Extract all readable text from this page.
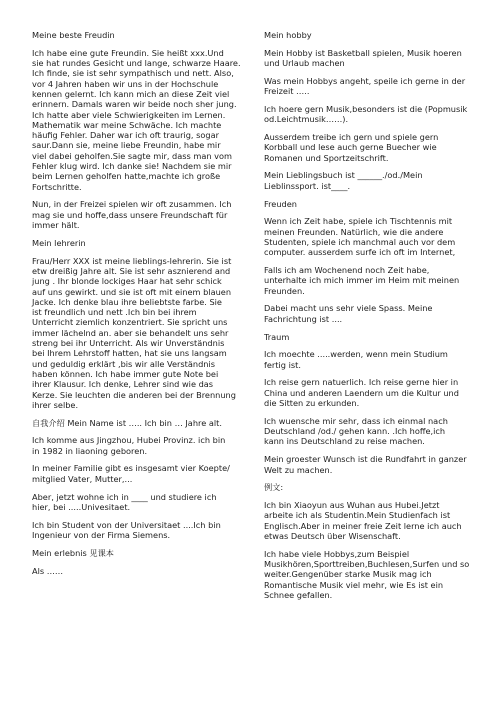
Meine beste Freudin
Ich habe eine gute Freundin. Sie heißt xxx.Und
sie hat rundes Gesicht und lange, schwarze Haare.
Ich finde, sie ist sehr sympathisch und nett. Also,
vor 4 Jahren haben wir uns in der Hochschule
kennen gelernt. Ich kann mich an diese Zeit viel
erinnern. Damals waren wir beide noch sher jung.
Ich hatte aber viele Schwierigkeiten im Lernen.
Mathematik war meine Schwäche. Ich machte
häufig Fehler. Daher war ich oft traurig, sogar
saur.Dann sie, meine liebe Freundin, habe mir
viel dabei geholfen.Sie sagte mir, dass man vom
Fehler klug wird. Ich danke sie! Nachdem sie mir
beim Lernen geholfen hatte,machte ich große
Fortschritte.
Nun, in der Freizei spielen wir oft zusammen. Ich
mag sie und hoffe,dass unsere Freundschaft für
immer hält.
Mein lehrerin
Frau/Herr XXX ist meine lieblings-lehrerin. Sie ist
etw dreißig Jahre alt. Sie ist sehr asznierend and
jung . Ihr blonde lockiges Haar hat sehr schick
auf uns gewirkt. und sie ist oft mit einem blauen
Jacke. Ich denke blau ihre beliebtste farbe. Sie
ist freundlich und nett .Ich bin bei ihrem
Unterricht ziemlich konzentriert. Sie spricht uns
immer lächelnd an. aber sie behandelt uns sehr
streng bei ihr Unterricht. Als wir Unverständnis
bei Ihrem Lehrstoff hatten, hat sie uns langsam
und geduldig erklärt ,bis wir alle Verständnis
haben können. Ich habe immer gute Note bei
ihrer Klausur. Ich denke, Lehrer sind wie das
Kerze. Sie leuchten die anderen bei der Brennung
ihrer selbe.
自我介绍 Mein Name ist ….. Ich bin … Jahre alt.
Ich komme aus Jingzhou, Hubei Provinz. ich bin
in 1982 in liaoning geboren.
In meiner Familie gibt es insgesamt vier Koepte/
mitglied Vater, Mutter,...
Aber, jetzt wohne ich in ____ und studiere ich
hier, bei .....Univesitaet.
Ich bin Student von der Universitaet ....Ich bin
Ingenieur von der Firma Siemens.
Mein erlebnis 见课本
Als ……
Mein hobby
Mein Hobby ist Basketball spielen, Musik hoeren
und Urlaub machen
Was mein Hobbys angeht, speile ich gerne in der
Freizeit …..
Ich hoere gern Musik,besonders ist die (Popmusik
od.Leichtmusik……).
Ausserdem treibe ich gern und spiele gern
Korbball und lese auch gerne Buecher wie
Romanen und Sportzeitschrift.
Mein Lieblingsbuch ist ______./od./Mein
Lieblinssport. ist____.
Freuden
Wenn ich Zeit habe, spiele ich Tischtennis mit
meinen Freunden. Natürlich, wie die andere
Studenten, spiele ich manchmal auch vor dem
computer. ausserdem surfe ich oft im Internet,
Falls ich am Wochenend noch Zeit habe,
unterhalte ich mich immer im Heim mit meinen
Freunden.
Dabei macht uns sehr viele Spass. Meine
Fachrichtung ist ....
Traum
Ich moechte .....werden, wenn mein Studium
fertig ist.
Ich reise gern natuerlich. Ich reise gerne hier in
China und anderen Laendern um die Kultur und
die Sitten zu erkunden.
Ich wuensche mir sehr, dass ich einmal nach
Deutschland /od./ gehen kann. .Ich hoffe,ich
kann ins Deutschland zu reise machen.
Mein groester Wunsch ist die Rundfahrt in ganzer
Welt zu machen.
例文:
Ich bin Xiaoyun aus Wuhan aus Hubei.Jetzt
arbeite ich als Studentin.Mein Studienfach ist
Englisch.Aber in meiner freie Zeit lerne ich auch
etwas Deutsch über Wisenschaft.
Ich habe viele Hobbys,zum Beispiel
Musikhören,Sporttreiben,Buchlesen,Surfen und so
weiter.Gengenüber starke Musik mag ich
Romantische Musik viel mehr, wie Es ist ein
Schnee gefallen.
